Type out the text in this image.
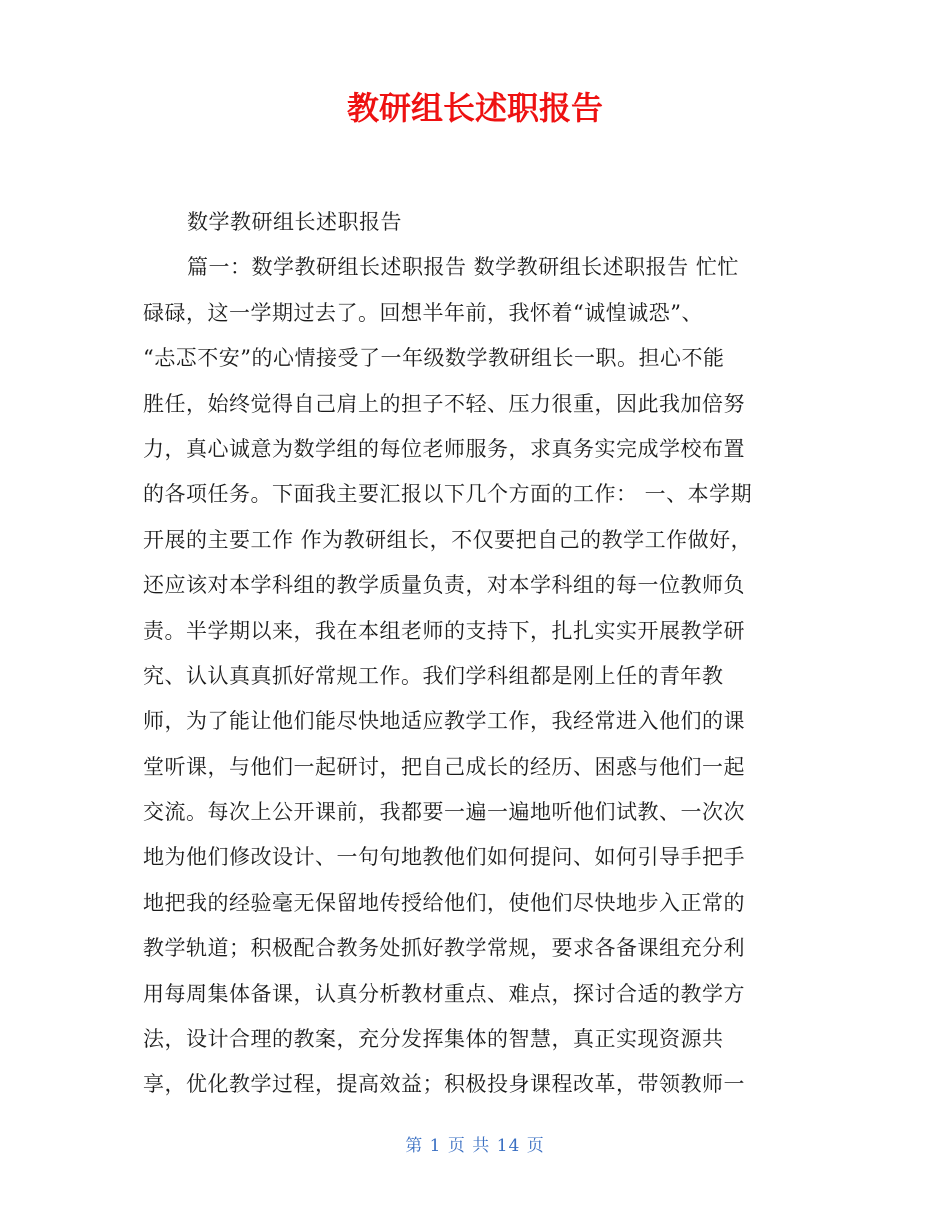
教研组长述职报告
数学教研组长述职报告
篇一：数学教研组长述职报告 数学教研组长述职报告 忙忙
碌碌，这一学期过去了。回想半年前，我怀着“诚惶诚恐”、
“忐忑不安”的心情接受了一年级数学教研组长一职。担心不能
胜任，始终觉得自己肩上的担子不轻、压力很重，因此我加倍努
力，真心诚意为数学组的每位老师服务，求真务实完成学校布置
的各项任务。下面我主要汇报以下几个方面的工作： 一、本学期
开展的主要工作 作为教研组长，不仅要把自己的教学工作做好，
还应该对本学科组的教学质量负责，对本学科组的每一位教师负
责。半学期以来，我在本组老师的支持下，扎扎实实开展教学研
究、认认真真抓好常规工作。我们学科组都是刚上任的青年教
师，为了能让他们能尽快地适应教学工作，我经常进入他们的课
堂听课，与他们一起研讨，把自己成长的经历、困惑与他们一起
交流。每次上公开课前，我都要一遍一遍地听他们试教、一次次
地为他们修改设计、一句句地教他们如何提问、如何引导手把手
地把我的经验毫无保留地传授给他们，使他们尽快地步入正常的
教学轨道；积极配合教务处抓好教学常规，要求各备课组充分利
用每周集体备课，认真分析教材重点、难点，探讨合适的教学方
法，设计合理的教案，充分发挥集体的智慧，真正实现资源共
享，优化教学过程，提高效益；积极投身课程改革，带领教师一
第 1 页 共 14 页
